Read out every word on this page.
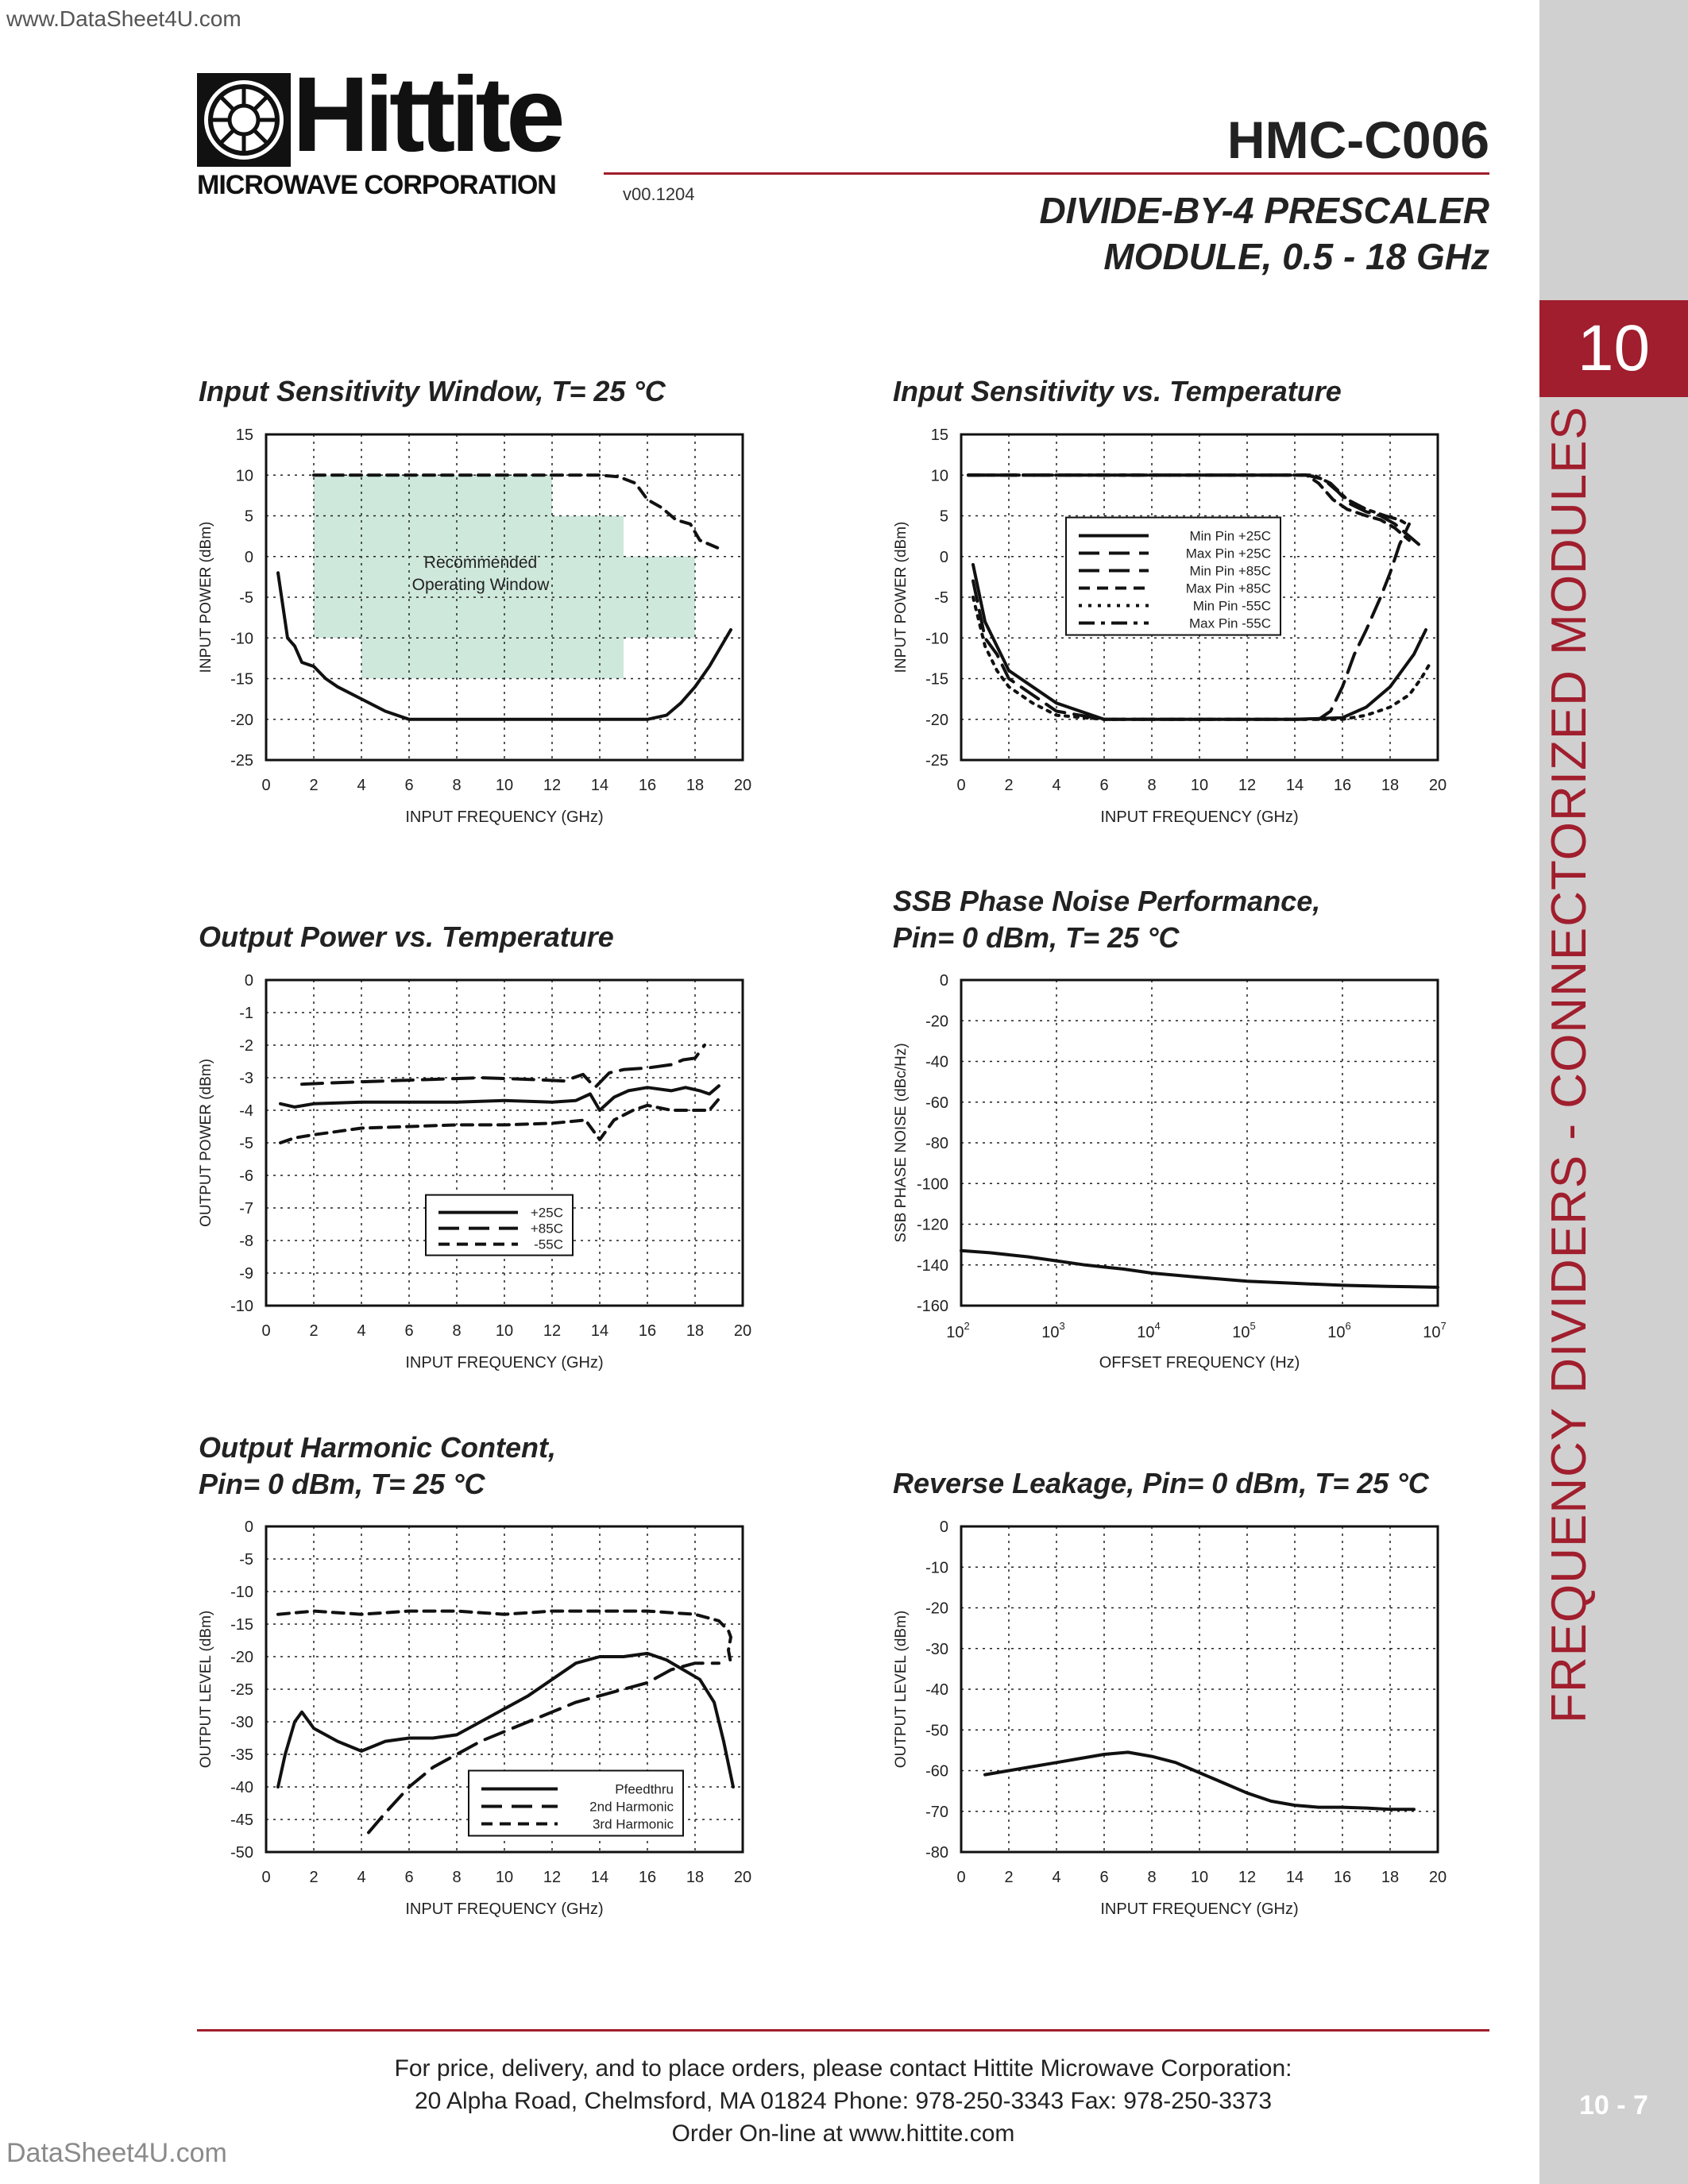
10
FREQUENCY DIVIDERS - CONNECTORIZED MODULES
10 - 7
www.DataSheet4U.com
Hittite
MICROWAVE CORPORATION	v00.1204
HMC-C006
DIVIDE-BY-4 PRESCALER
MODULE, 0.5 - 18 GHz
Input Sensitivity Window, T= 25 °C	Input Sensitivity vs. Temperature
Output Power vs. Temperature
SSB Phase Noise Performance,
Pin= 0 dBm, T= 25 °C
Output Harmonic Content,
Pin= 0 dBm, T= 25 °C	Reverse Leakage, Pin= 0 dBm, T= 25 °C
Recommended
Operating Window
0 2 4 6 8 10 12 14 16 18 20
15
10
5
0
-5
-10
-15
-20
-25
INPUT FREQUENCY (GHz)
INPUT POWER (dBm)
0 2 4 6 8 10 12 14 16 18 20
15
10
5
0
-5
-10
-15
-20
-25
INPUT FREQUENCY (GHz)
INPUT POWER (dBm)	Min Pin +25C
Max Pin +25C
Min Pin +85C
Max Pin +85C
Min Pin -55C
Max Pin -55C
0 2 4 6 8 10 12 14 16 18 20
0
-1
-2
-3
-4
-5
-6
-7
-8
-9
-10
INPUT FREQUENCY (GHz)
OUTPUT POWER (dBm)	+25C
+85C
-55C
$10^2$	$10^3$	$10^4$	$10^5$	$10^6$	$10^7$
0
-20
-40
-60
-80
-100
-120
-140
-160
OFFSET FREQUENCY (Hz)
SSB PHASE NOISE (dBc/Hz)
0 2 4 6 8 10 12 14 16 18 20
0
-5
-10
-15
-20
-25
-30
-35
-40
-45
-50
INPUT FREQUENCY (GHz)
OUTPUT LEVEL (dBm)
Pfeedthru
2nd Harmonic
3rd Harmonic
0 2 4 6 8 10 12 14 16 18 20
0
-10
-20
-30
-40
-50
-60
-70
-80
INPUT FREQUENCY (GHz)
OUTPUT LEVEL (dBm)
For price, delivery, and to place orders, please contact Hittite Microwave Corporation:
20 Alpha Road, Chelmsford, MA 01824 Phone: 978-250-3343 Fax: 978-250-3373
Order On-line at www.hittite.com
DataSheet4U.com
